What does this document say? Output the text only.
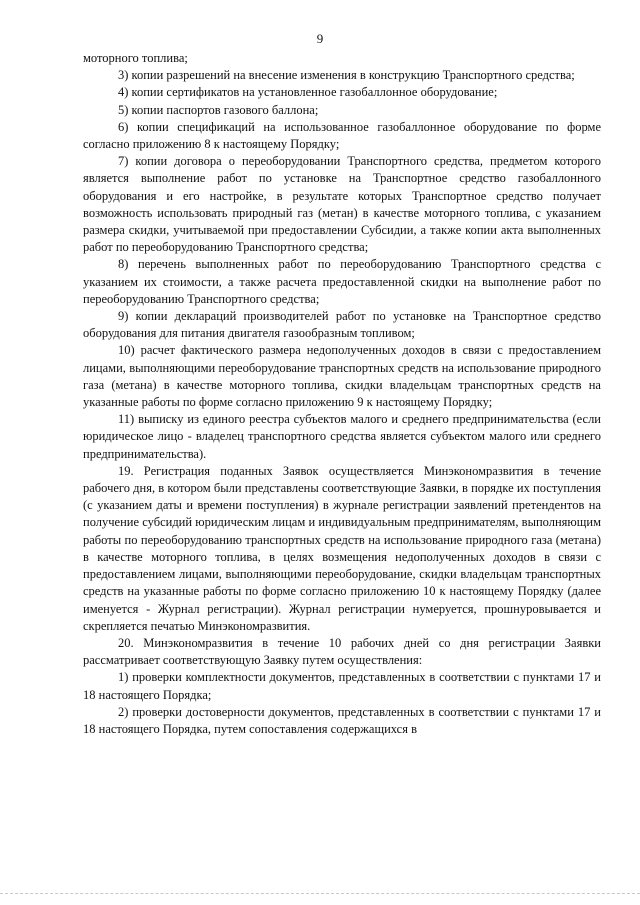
9

моторного топлива;

3) копии разрешений на внесение изменения в конструкцию Транспортного средства;

4) копии сертификатов на установленное газобаллонное оборудование;

5) копии паспортов газового баллона;

6) копии спецификаций на использованное газобаллонное оборудование по форме согласно приложению 8 к настоящему Порядку;

7) копии договора о переоборудовании Транспортного средства, предметом которого является выполнение работ по установке на Транспортное средство газобаллонного оборудования и его настройке, в результате которых Транспортное средство получает возможность использовать природный газ (метан) в качестве моторного топлива, с указанием размера скидки, учитываемой при предоставлении Субсидии, а также копии акта выполненных работ по переоборудованию Транспортного средства;

8) перечень выполненных работ по переоборудованию Транспортного средства с указанием их стоимости, а также расчета предоставленной скидки на выполнение работ по переоборудованию Транспортного средства;

9) копии деклараций производителей работ по установке на Транспортное средство оборудования для питания двигателя газообразным топливом;

10) расчет фактического размера недополученных доходов в связи с предоставлением лицами, выполняющими переоборудование транспортных средств на использование природного газа (метана) в качестве моторного топлива, скидки владельцам транспортных средств на указанные работы по форме согласно приложению 9 к настоящему Порядку;

11) выписку из единого реестра субъектов малого и среднего предпринимательства (если юридическое лицо - владелец транспортного средства является субъектом малого или среднего предпринимательства).

19. Регистрация поданных Заявок осуществляется Минэкономразвития в течение рабочего дня, в котором были представлены соответствующие Заявки, в порядке их поступления (с указанием даты и времени поступления) в журнале регистрации заявлений претендентов на получение субсидий юридическим лицам и индивидуальным предпринимателям, выполняющим работы по переоборудованию транспортных средств на использование природного газа (метана) в качестве моторного топлива, в целях возмещения недополученных доходов в связи с предоставлением лицами, выполняющими переоборудование, скидки владельцам транспортных средств на указанные работы по форме согласно приложению 10 к настоящему Порядку (далее именуется - Журнал регистрации). Журнал регистрации нумеруется, прошнуровывается и скрепляется печатью Минэкономразвития.

20. Минэкономразвития в течение 10 рабочих дней со дня регистрации Заявки рассматривает соответствующую Заявку путем осуществления:

1) проверки комплектности документов, представленных в соответствии с пунктами 17 и 18 настоящего Порядка;

2) проверки достоверности документов, представленных в соответствии с пунктами 17 и 18 настоящего Порядка, путем сопоставления содержащихся в
